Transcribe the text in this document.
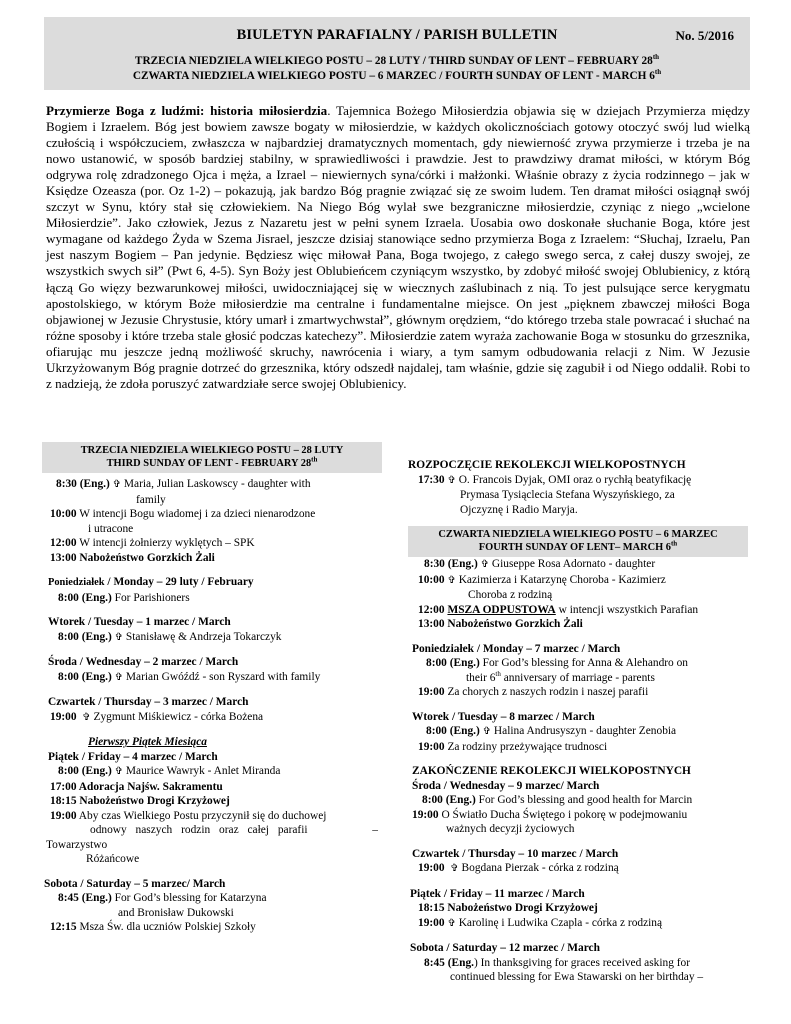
BIULETYN PARAFIALNY / PARISH BULLETIN	No. 5/2016
TRZECIA NIEDZIELA WIELKIEGO POSTU – 28 LUTY / THIRD SUNDAY OF LENT – FEBRUARY 28th
CZWARTA NIEDZIELA WIELKIEGO POSTU – 6 MARZEC / FOURTH SUNDAY OF LENT - MARCH 6th
Przymierze Boga z ludźmi: historia miłosierdzia. Tajemnica Bożego Miłosierdzia objawia się w dziejach Przymierza między Bogiem i Izraelem. Bóg jest bowiem zawsze bogaty w miłosierdzie, w każdych okolicznościach gotowy otoczyć swój lud wielką czułością i współczuciem, zwłaszcza w najbardziej dramatycznych momentach, gdy niewierność zrywa przymierze i trzeba je na nowo ustanowić, w sposób bardziej stabilny, w sprawiedliwości i prawdzie. Jest to prawdziwy dramat miłości, w którym Bóg odgrywa rolę zdradzonego Ojca i męża, a Izrael – niewiernych syna/córki i małżonki. Właśnie obrazy z życia rodzinnego – jak w Księdze Ozeasza (por. Oz 1-2) – pokazują, jak bardzo Bóg pragnie związać się ze swoim ludem. Ten dramat miłości osiągnął swój szczyt w Synu, który stał się człowiekiem. Na Niego Bóg wylał swe bezgraniczne miłosierdzie, czyniąc z niego „wcielone Miłosierdzie”. Jako człowiek, Jezus z Nazaretu jest w pełni synem Izraela. Uosabia owo doskonałe słuchanie Boga, które jest wymagane od każdego Żyda w Szema Jisrael, jeszcze dzisiaj stanowiące sedno przymierza Boga z Izraelem: “Słuchaj, Izraelu, Pan jest naszym Bogiem – Pan jedynie. Będziesz więc miłował Pana, Boga twojego, z całego swego serca, z całej duszy swojej, ze wszystkich swych sił” (Pwt 6, 4-5). Syn Boży jest Oblubieńcem czyniącym wszystko, by zdobyć miłość swojej Oblubienicy, z którą łączą Go więzy bezwarunkowej miłości, uwidoczniającej się w wiecznych zaślubinach z nią. To jest pulsujące serce kerygmatu apostolskiego, w którym Boże miłosierdzie ma centralne i fundamentalne miejsce. On jest „pięknem zbawczej miłości Boga objawionej w Jezusie Chrystusie, który umarł i zmartwychwstał”, głównym orędziem, “do którego trzeba stale powracać i słuchać na różne sposoby i które trzeba stale głosić podczas katechezy”. Miłosierdzie zatem wyraża zachowanie Boga w stosunku do grzesznika, ofiarując mu jeszcze jedną możliwość skruchy, nawrócenia i wiary, a tym samym odbudowania relacji z Nim. W Jezusie Ukrzyżowanym Bóg pragnie dotrzeć do grzesznika, który odszedł najdalej, tam właśnie, gdzie się zagubił i od Niego oddalił. Robi to z nadzieją, że zdoła poruszyć zatwardziałe serce swojej Oblubienicy.
TRZECIA NIEDZIELA WIELKIEGO POSTU – 28 LUTY
THIRD SUNDAY OF LENT - FEBRUARY 28th
8:30 (Eng.) ✞ Maria, Julian Laskowscy - daughter with
family
10:00 W intencji Bogu wiadomej i za dzieci nienarodzone
i utracone
12:00 W intencji żołnierzy wyklętych – SPK
13:00 Nabożeństwo Gorzkich Żali
Poniedziałek / Monday – 29 luty / February
8:00 (Eng.) For Parishioners
Wtorek / Tuesday – 1 marzec / March
8:00 (Eng.) ✞ Stanisławę & Andrzeja Tokarczyk
Środa / Wednesday – 2 marzec / March
8:00 (Eng.) ✞ Marian Gwóźdź - son Ryszard with family
Czwartek / Thursday – 3 marzec / March
19:00 ✞ Zygmunt Miśkiewicz - córka Bożena
Pierwszy Piątek Miesiąca
Piątek / Friday – 4 marzec / March
8:00 (Eng.) ✞ Maurice Wawryk - Anlet Miranda
17:00 Adoracja Najśw. Sakramentu
18:15 Nabożeństwo Drogi Krzyżowej
19:00 Aby czas Wielkiego Postu przyczynił się do duchowej
odnowy naszych rodzin oraz całej parafii	–
Towarzystwo
Różańcowe
Sobota / Saturday – 5 marzec/ March
8:45 (Eng.) For God’s blessing for Katarzyna
and Bronisław Dukowski
12:15 Msza Św. dla uczniów Polskiej Szkoły
ROZPOCZĘCIE REKOLEKCJI WIELKOPOSTNYCH
17:30 ✞ O. Francois Dyjak, OMI oraz o rychłą beatyfikację
Prymasa Tysiąclecia Stefana Wyszyńskiego, za
Ojczyznę i Radio Maryja.
CZWARTA NIEDZIELA WIELKIEGO POSTU – 6 MARZEC
FOURTH SUNDAY OF LENT– MARCH 6th
8:30 (Eng.) ✞ Giuseppe Rosa Adornato - daughter
10:00 ✞ Kazimierza i Katarzynę Choroba - Kazimierz
Choroba z rodziną
12:00 MSZA ODPUSTOWA w intencji wszystkich Parafian
13:00 Nabożeństwo Gorzkich Żali
Poniedziałek / Monday – 7 marzec / March
8:00 (Eng.) For God’s blessing for Anna & Alehandro on
their 6th anniversary of marriage - parents
19:00 Za chorych z naszych rodzin i naszej parafii
Wtorek / Tuesday – 8 marzec / March
8:00 (Eng.) ✞ Halina Andrusyszyn - daughter Zenobia
19:00 Za rodziny przeżywające trudnosci
ZAKOŃCZENIE REKOLEKCJI WIELKOPOSTNYCH
Środa / Wednesday – 9 marzec/ March
8:00 (Eng.) For God’s blessing and good health for Marcin
19:00 O Światło Ducha Świętego i pokorę w podejmowaniu
ważnych decyzji życiowych
Czwartek / Thursday – 10 marzec / March
19:00 ✞ Bogdana Pierzak - córka z rodziną
Piątek / Friday – 11 marzec / March
18:15 Nabożeństwo Drogi Krzyżowej
19:00 ✞ Karolinę i Ludwika Czapla - córka z rodziną
Sobota / Saturday – 12 marzec / March
8:45 (Eng.) In thanksgiving for graces received asking for
continued blessing for Ewa Stawarski on her birthday –
